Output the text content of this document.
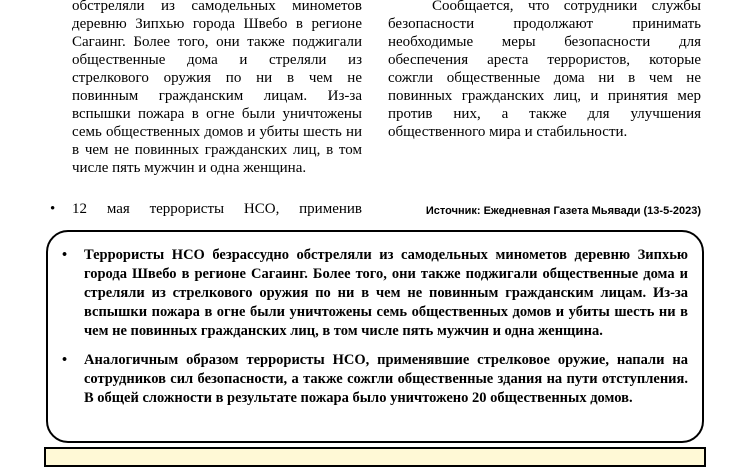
обстреляли из самодельных минометов деревню Зипхью города Швебо в регионе Сагаинг. Более того, они также поджигали общественные дома и стреляли из стрелкового оружия по ни в чем не повинным гражданским лицам. Из-за вспышки пожара в огне были уничтожены семь общественных домов и убиты шесть ни в чем не повинных гражданских лиц, в том числе пять мужчин и одна женщина.
Сообщается, что сотрудники службы безопасности продолжают принимать необходимые меры безопасности для обеспечения ареста террористов, которые сожгли общественные дома ни в чем не повинных гражданских лиц, и принятия мер против них, а также для улучшения общественного мира и стабильности.
•	12 мая террористы НСО, применив	Источник: Ежедневная Газета Мьявади (13-5-2023)
•	Террористы НСО безрассудно обстреляли из самодельных минометов деревню Зипхью города Швебо в регионе Сагаинг. Более того, они также поджигали общественные дома и стреляли из стрелкового оружия по ни в чем не повинным гражданским лицам. Из-за вспышки пожара в огне были уничтожены семь общественных домов и убиты шесть ни в чем не повинных гражданских лиц, в том числе пять мужчин и одна женщина.
•	Аналогичным образом террористы НСО, применявшие стрелковое оружие, напали на сотрудников сил безопасности, а также сожгли общественные здания на пути отступления. В общей сложности в результате пожара было уничтожено 20 общественных домов.
